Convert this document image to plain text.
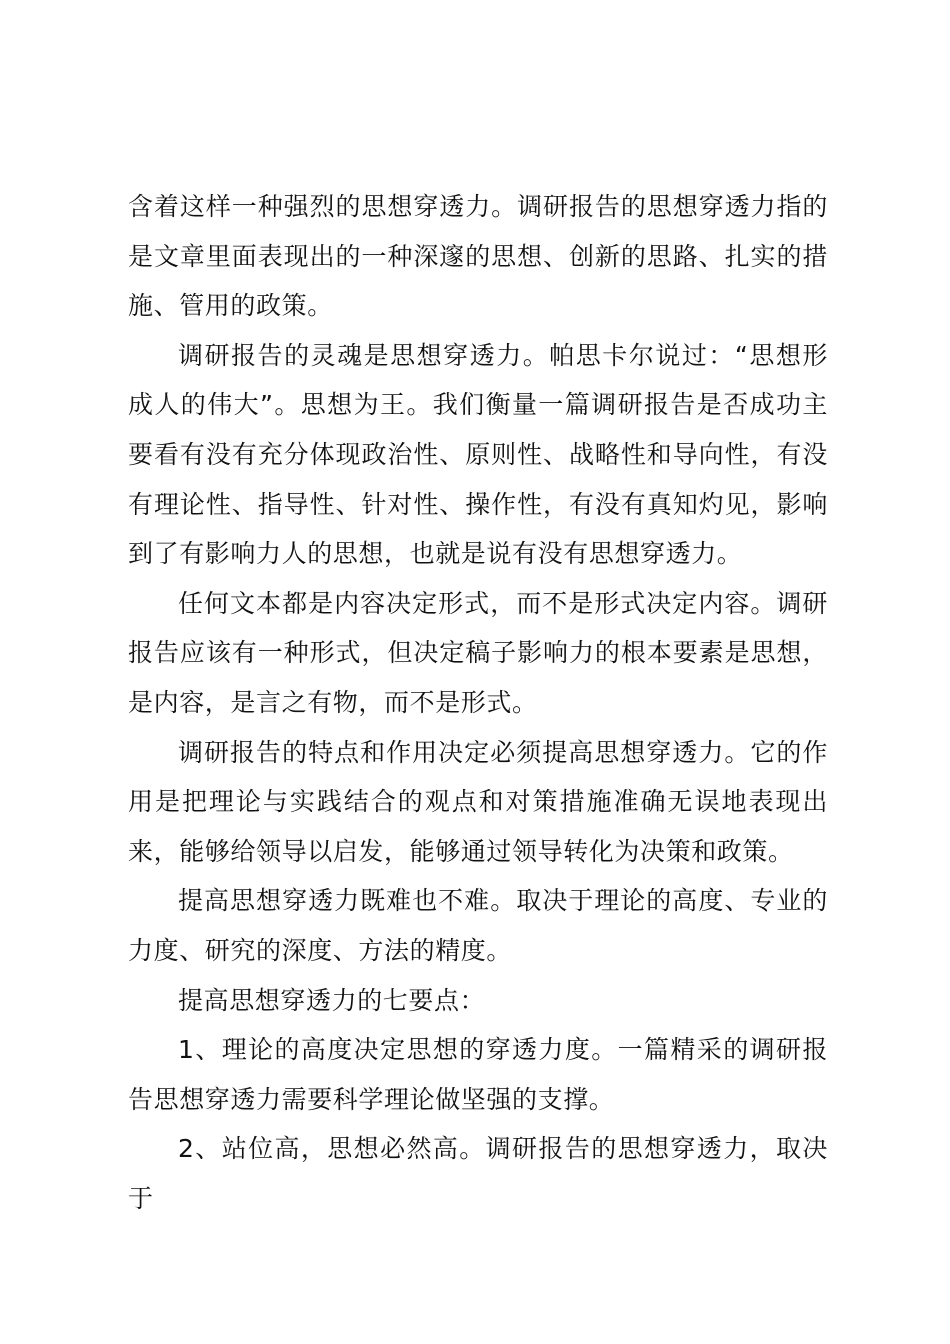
含着这样一种强烈的思想穿透力。调研报告的思想穿透力指的是文章里面表现出的一种深邃的思想、创新的思路、扎实的措施、管用的政策。

调研报告的灵魂是思想穿透力。帕思卡尔说过：“思想形成人的伟大”。思想为王。我们衡量一篇调研报告是否成功主要看有没有充分体现政治性、原则性、战略性和导向性，有没有理论性、指导性、针对性、操作性，有没有真知灼见，影响到了有影响力人的思想，也就是说有没有思想穿透力。

任何文本都是内容决定形式，而不是形式决定内容。调研报告应该有一种形式，但决定稿子影响力的根本要素是思想，是内容，是言之有物，而不是形式。

调研报告的特点和作用决定必须提高思想穿透力。它的作用是把理论与实践结合的观点和对策措施准确无误地表现出来，能够给领导以启发，能够通过领导转化为决策和政策。

提高思想穿透力既难也不难。取决于理论的高度、专业的力度、研究的深度、方法的精度。

提高思想穿透力的七要点：

1、理论的高度决定思想的穿透力度。一篇精采的调研报告思想穿透力需要科学理论做坚强的支撑。

2、站位高，思想必然高。调研报告的思想穿透力，取决于
